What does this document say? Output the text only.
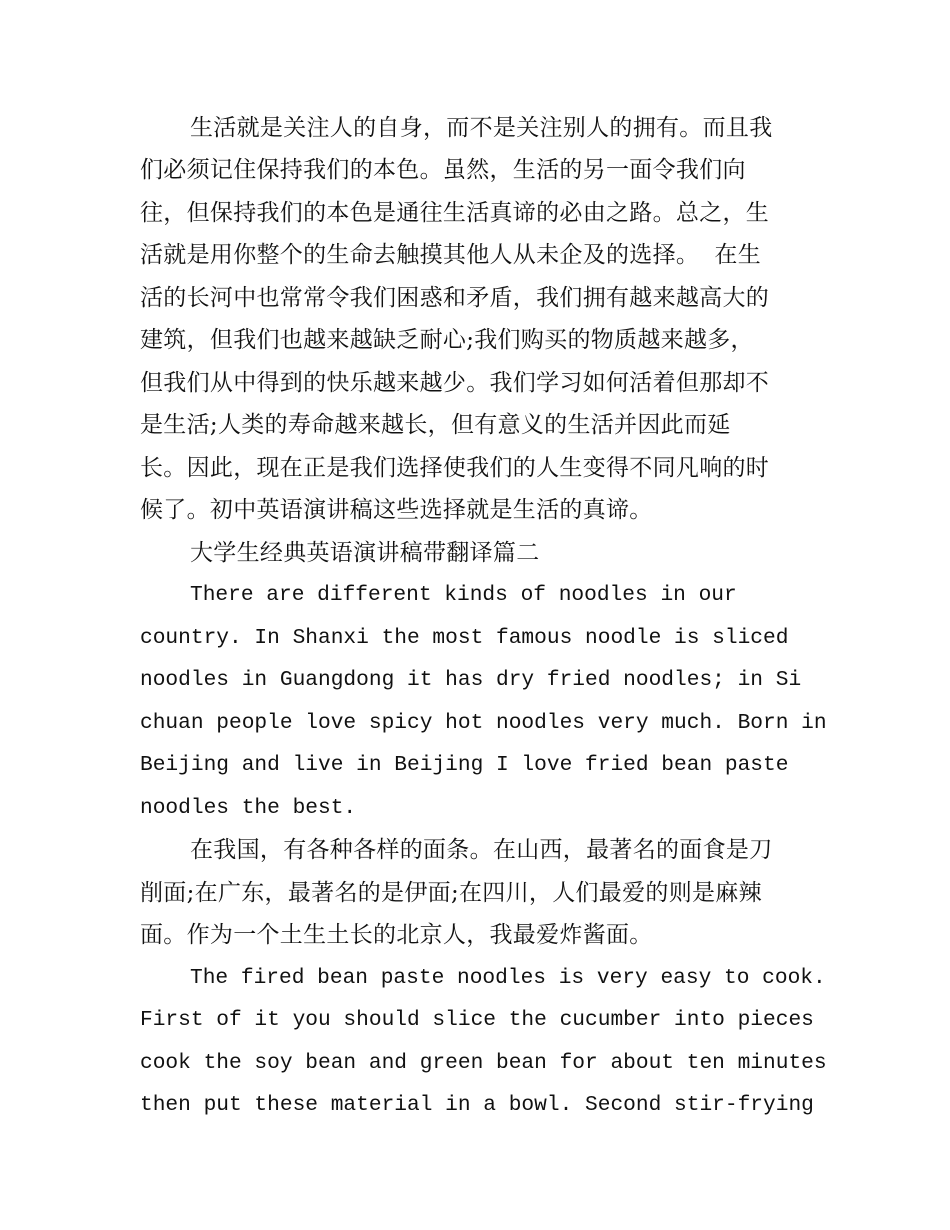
生活就是关注人的自身，而不是关注别人的拥有。而且我

们必须记住保持我们的本色。虽然，生活的另一面令我们向

往，但保持我们的本色是通往生活真谛的必由之路。总之，生

活就是用你整个的生命去触摸其他人从未企及的选择。  在生

活的长河中也常常令我们困惑和矛盾，我们拥有越来越高大的

建筑，但我们也越来越缺乏耐心;我们购买的物质越来越多，

但我们从中得到的快乐越来越少。我们学习如何活着但那却不

是生活;人类的寿命越来越长，但有意义的生活并因此而延

长。因此，现在正是我们选择使我们的人生变得不同凡响的时

候了。初中英语演讲稿这些选择就是生活的真谛。

大学生经典英语演讲稿带翻译篇二

There are different kinds of noodles in our

country. In Shanxi the most famous noodle is sliced

noodles in Guangdong it has dry fried noodles; in Si

chuan people love spicy hot noodles very much. Born in

Beijing and live in Beijing I love fried bean paste

noodles the best.

在我国，有各种各样的面条。在山西，最著名的面食是刀

削面;在广东，最著名的是伊面;在四川，人们最爱的则是麻辣

面。作为一个土生土长的北京人，我最爱炸酱面。

The fired bean paste noodles is very easy to cook.

First of it you should slice the cucumber into pieces

cook the soy bean and green bean for about ten minutes

then put these material in a bowl. Second stir-frying
